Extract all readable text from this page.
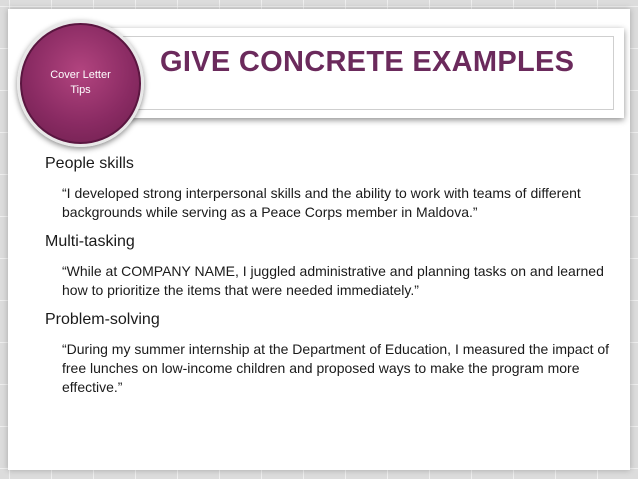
GIVE CONCRETE EXAMPLES
Cover Letter
Tips

People skills

“I developed strong interpersonal skills and the ability to work with teams of different backgrounds while serving as a Peace Corps member in Maldova.”

Multi-tasking

“While at COMPANY NAME, I juggled administrative and planning tasks on and learned how to prioritize the items that were needed immediately.”

Problem-solving

“During my summer internship at the Department of Education, I measured the impact of free lunches on low-income children and proposed ways to make the program more effective.”
